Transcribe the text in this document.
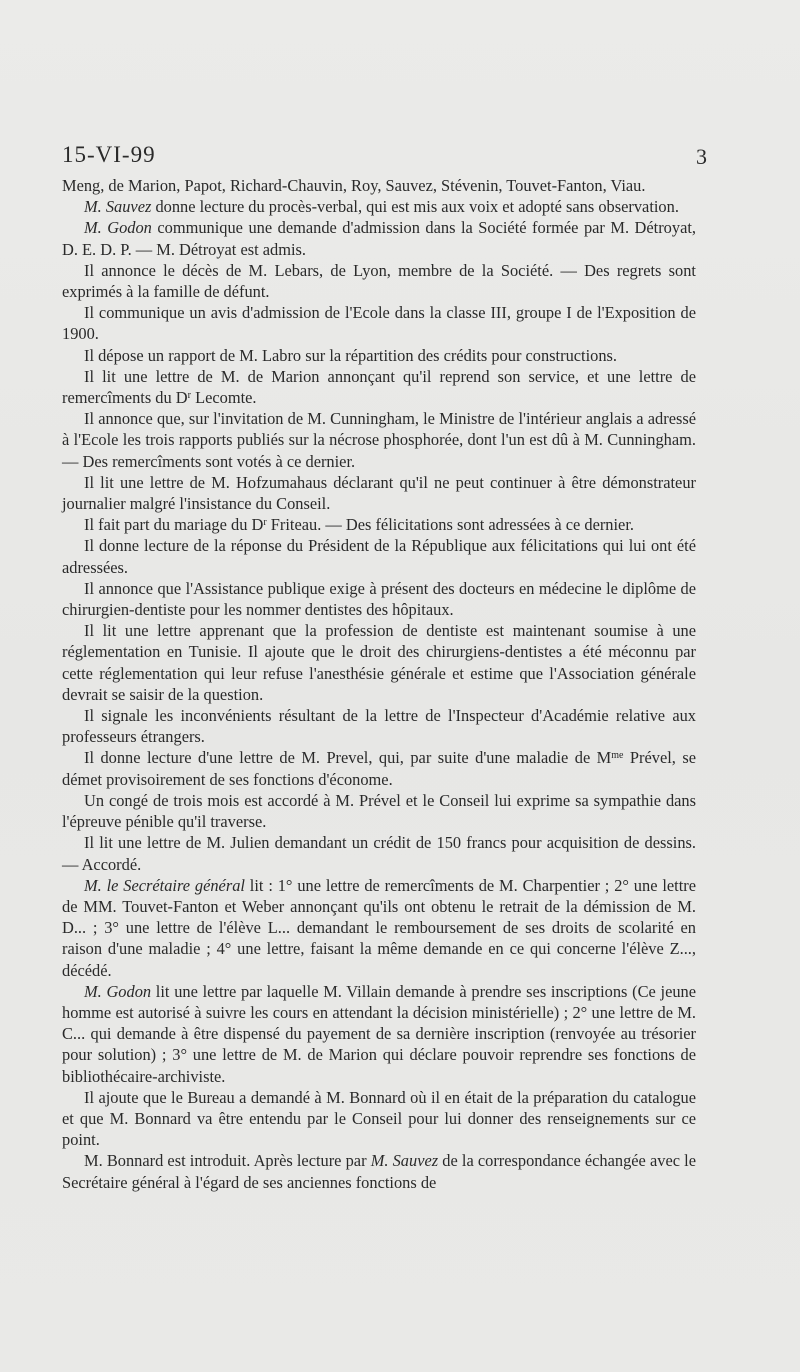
15-VI-99	3

Meng, de Marion, Papot, Richard-Chauvin, Roy, Sauvez, Stévenin, Touvet-Fanton, Viau.

M. Sauvez donne lecture du procès-verbal, qui est mis aux voix et adopté sans observation.

M. Godon communique une demande d'admission dans la Société formée par M. Détroyat, D. E. D. P. — M. Détroyat est admis.

Il annonce le décès de M. Lebars, de Lyon, membre de la Société. — Des regrets sont exprimés à la famille de défunt.

Il communique un avis d'admission de l'Ecole dans la classe III, groupe I de l'Exposition de 1900.

Il dépose un rapport de M. Labro sur la répartition des crédits pour constructions.

Il lit une lettre de M. de Marion annonçant qu'il reprend son service, et une lettre de remercîments du $D^r$ Lecomte.

Il annonce que, sur l'invitation de M. Cunningham, le Ministre de l'intérieur anglais a adressé à l'Ecole les trois rapports publiés sur la nécrose phosphorée, dont l'un est dû à M. Cunningham. — Des remercîments sont votés à ce dernier.

Il lit une lettre de M. Hofzumahaus déclarant qu'il ne peut continuer à être démonstrateur journalier malgré l'insistance du Conseil.

Il fait part du mariage du $D^r$ Friteau. — Des félicitations sont adressées à ce dernier.

Il donne lecture de la réponse du Président de la République aux félicitations qui lui ont été adressées.

Il annonce que l'Assistance publique exige à présent des docteurs en médecine le diplôme de chirurgien-dentiste pour les nommer dentistes des hôpitaux.

Il lit une lettre apprenant que la profession de dentiste est maintenant soumise à une réglementation en Tunisie. Il ajoute que le droit des chirurgiens-dentistes a été méconnu par cette réglementation qui leur refuse l'anesthésie générale et estime que l'Association générale devrait se saisir de la question.

Il signale les inconvénients résultant de la lettre de l'Inspecteur d'Académie relative aux professeurs étrangers.

Il donne lecture d'une lettre de M. Prevel, qui, par suite d'une maladie de $M^{me}$ Prével, se démet provisoirement de ses fonctions d'économe.

Un congé de trois mois est accordé à M. Prével et le Conseil lui exprime sa sympathie dans l'épreuve pénible qu'il traverse.

Il lit une lettre de M. Julien demandant un crédit de 150 francs pour acquisition de dessins. — Accordé.

M. le Secrétaire général lit : 1° une lettre de remercîments de M. Charpentier ; 2° une lettre de MM. Touvet-Fanton et Weber annonçant qu'ils ont obtenu le retrait de la démission de M. D... ; 3° une lettre de l'élève L... demandant le remboursement de ses droits de scolarité en raison d'une maladie ; 4° une lettre, faisant la même demande en ce qui concerne l'élève Z..., décédé.

M. Godon lit une lettre par laquelle M. Villain demande à prendre ses inscriptions (Ce jeune homme est autorisé à suivre les cours en attendant la décision ministérielle) ; 2° une lettre de M. C... qui demande à être dispensé du payement de sa dernière inscription (renvoyée au trésorier pour solution) ; 3° une lettre de M. de Marion qui déclare pouvoir reprendre ses fonctions de bibliothécaire-archiviste.

Il ajoute que le Bureau a demandé à M. Bonnard où il en était de la préparation du catalogue et que M. Bonnard va être entendu par le Conseil pour lui donner des renseignements sur ce point.

M. Bonnard est introduit. Après lecture par M. Sauvez de la correspondance échangée avec le Secrétaire général à l'égard de ses anciennes fonctions de
